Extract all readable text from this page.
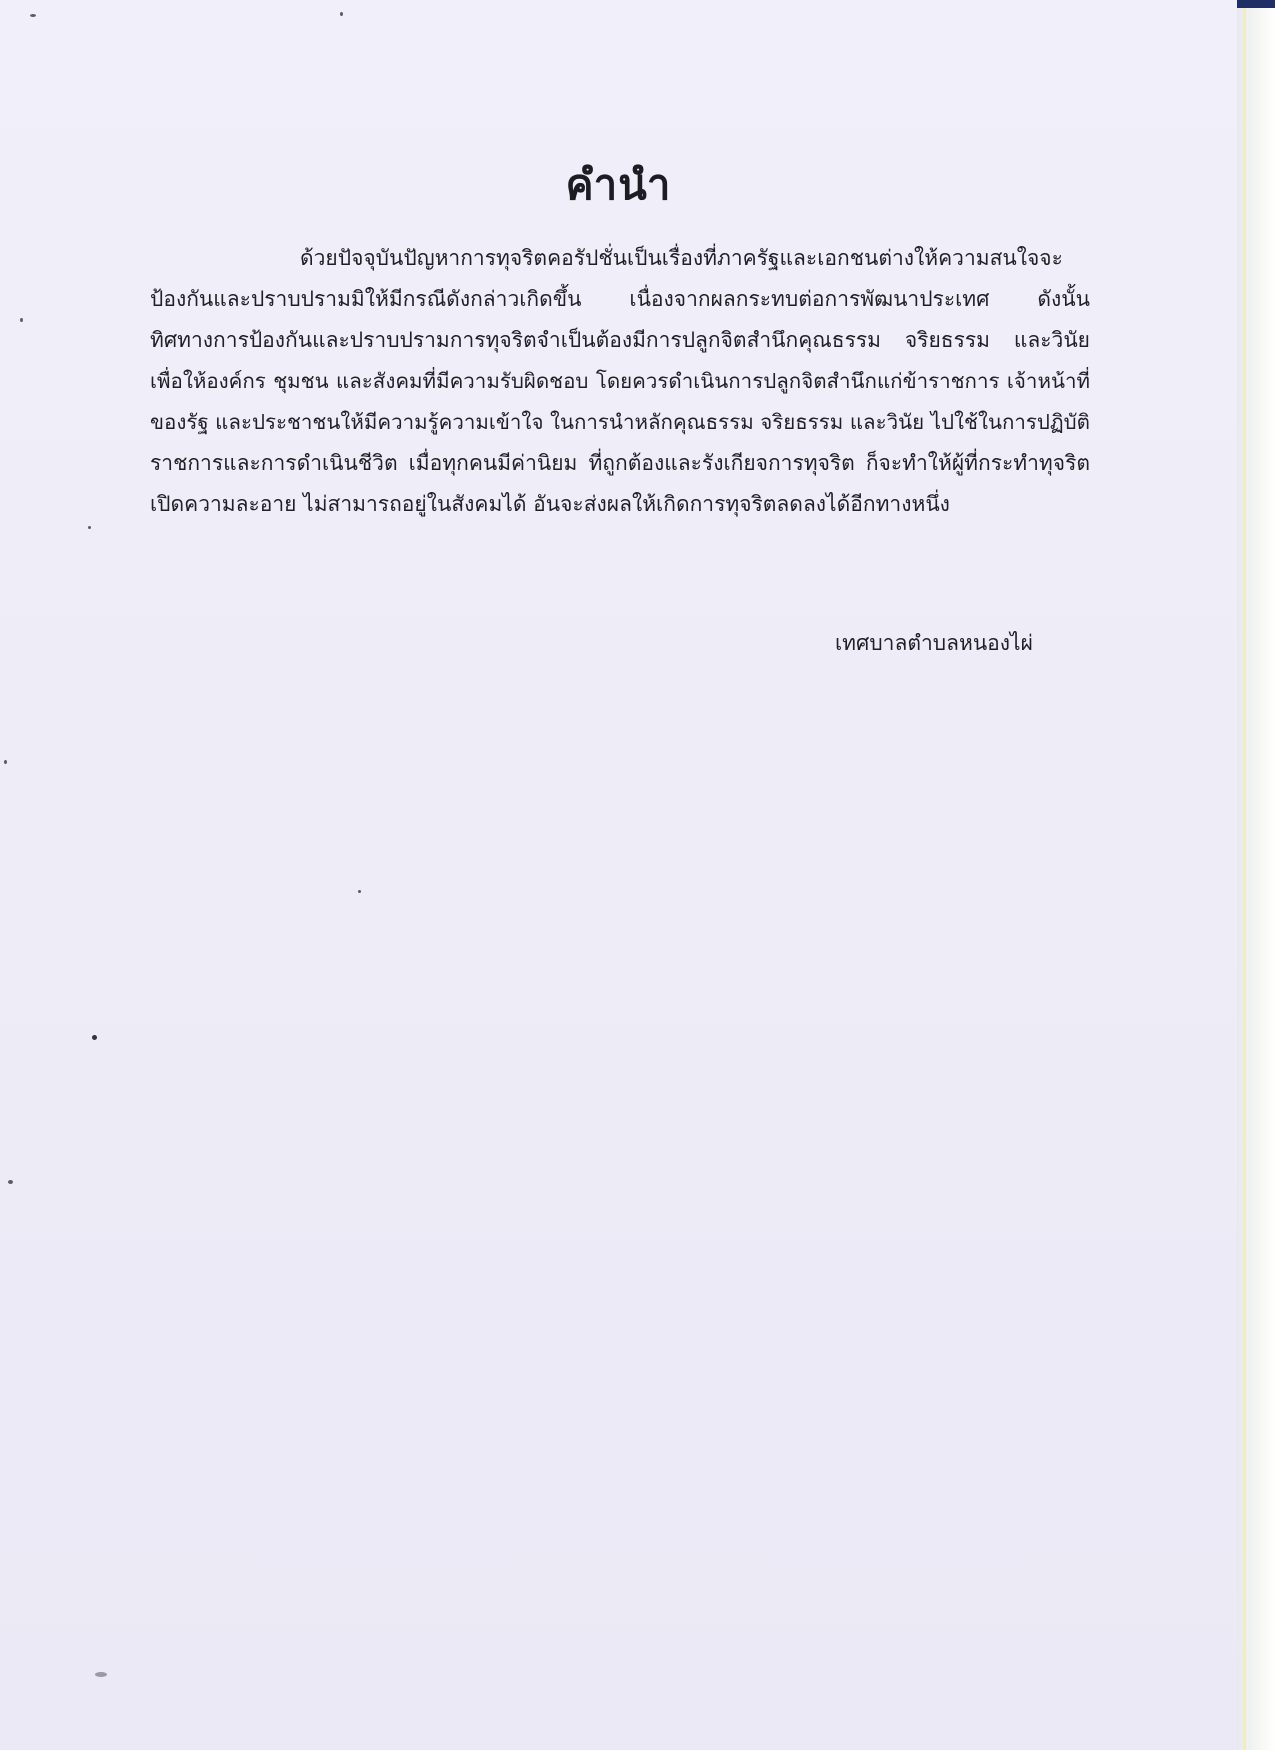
คำนำ
ด้วยปัจจุบันปัญหาการทุจริตคอรัปชั่นเป็นเรื่องที่ภาครัฐและเอกชนต่างให้ความสนใจจะ
ป้องกันและปราบปรามมิให้มีกรณีดังกล่าวเกิดขึ้น เนื่องจากผลกระทบต่อการพัฒนาประเทศ ดังนั้น
ทิศทางการป้องกันและปราบปรามการทุจริตจำเป็นต้องมีการปลูกจิตสำนึกคุณธรรม จริยธรรม และวินัย
เพื่อให้องค์กร ชุมชน และสังคมที่มีความรับผิดชอบ โดยควรดำเนินการปลูกจิตสำนึกแก่ข้าราชการ เจ้าหน้าที่
ของรัฐ และประชาชนให้มีความรู้ความเข้าใจ ในการนำหลักคุณธรรม จริยธรรม และวินัย ไปใช้ในการปฏิบัติ
ราชการและการดำเนินชีวิต เมื่อทุกคนมีค่านิยม ที่ถูกต้องและรังเกียจการทุจริต ก็จะทำให้ผู้ที่กระทำทุจริต
เปิดความละอาย ไม่สามารถอยู่ในสังคมได้ อันจะส่งผลให้เกิดการทุจริตลดลงได้อีกทางหนึ่ง
เทศบาลตำบลหนองไผ่
